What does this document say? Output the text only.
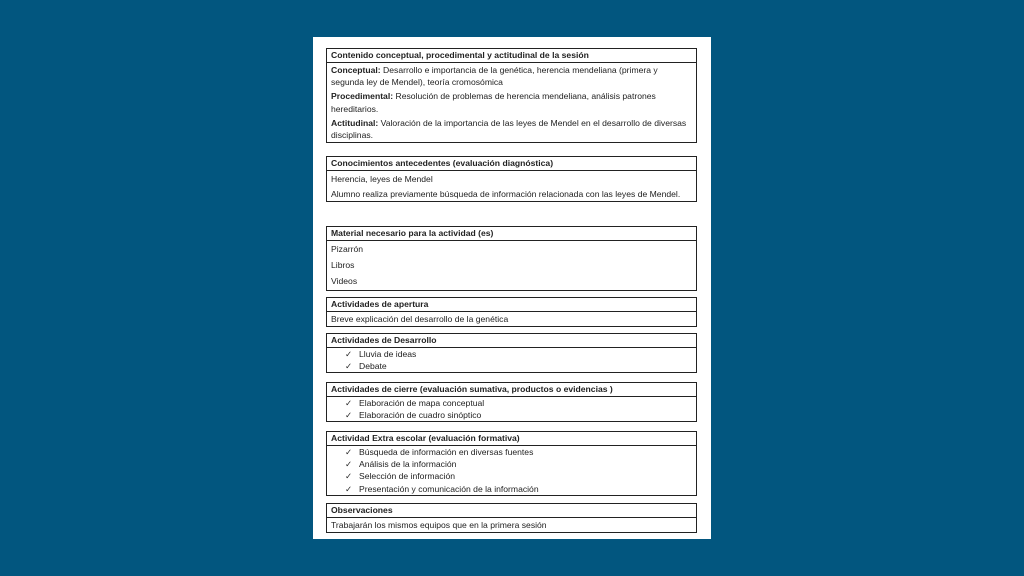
Contenido conceptual, procedimental y actitudinal de la sesión
Conceptual: Desarrollo e importancia de la genética, herencia mendeliana (primera y segunda ley de Mendel), teoría cromosómica
Procedimental: Resolución de problemas de herencia mendeliana, análisis patrones hereditarios.
Actitudinal: Valoración de la importancia de las leyes de Mendel en el desarrollo de diversas disciplinas.
Conocimientos antecedentes (evaluación diagnóstica)
Herencia, leyes de Mendel
Alumno realiza previamente búsqueda de información relacionada con las leyes de Mendel.
Material necesario para la actividad (es)
Pizarrón
Libros
Videos
Actividades de apertura
Breve explicación del desarrollo de la genética
Actividades de Desarrollo
✓ Lluvia de ideas
✓ Debate
Actividades de cierre (evaluación sumativa, productos o evidencias )
✓ Elaboración de mapa conceptual
✓ Elaboración de cuadro sinóptico
Actividad Extra escolar (evaluación formativa)
✓ Búsqueda de información en diversas fuentes
✓ Análisis de la información
✓ Selección de información
✓ Presentación y comunicación de la información
Observaciones
Trabajarán los mismos equipos que en la primera sesión
